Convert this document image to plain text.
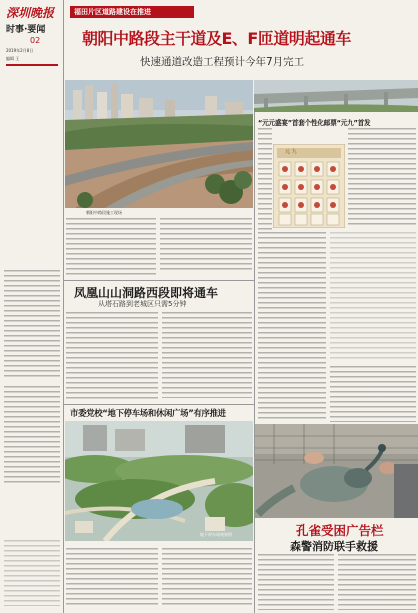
深圳晚报
时事·要闻
02
2019年2月8日
编辑 王
福田片区道路建设在推进
朝阳中路段主干道及E、F匝道明起通车
快速通道改造工程预计今年7月完工
朝阳中路段施工现场
凤凰山山洞路西段即将通车
从塔石路到老城区只需5分钟
市委党校“地下停车场和休闲广场”有序推进
地下停车场效果图
“元元盛宴”首套个性化邮票“元九”首发
元 九
孔雀受困广告栏
森警消防联手救援
